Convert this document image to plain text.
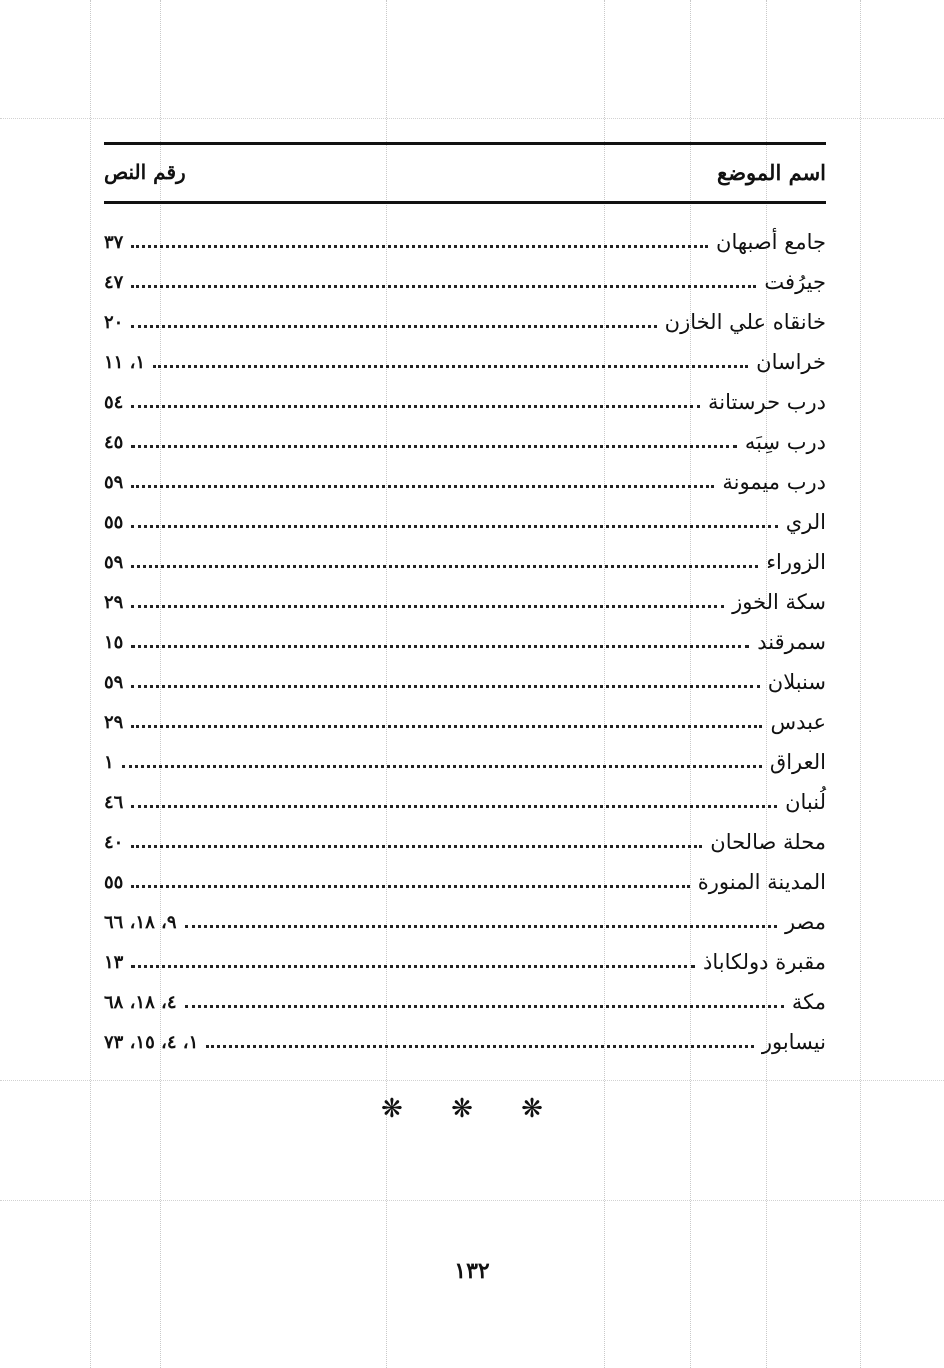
رقم النص	اسم الموضع
جامع أصبهان
٣٧
جيرُفت
٤٧
خانقاه علي الخازن
٢٠
خراسان
١، ١١
درب حرستانة
٥٤
درب سِبَه
٤٥
درب ميمونة
٥٩
الري
٥٥
الزوراء
٥٩
سكة الخوز
٢٩
سمرقند
١٥
سنبلان
٥٩
عبدس
٢٩
العراق
١
لُنبان
٤٦
محلة صالحان
٤٠
المدينة المنورة
٥٥
مصر
٩، ١٨، ٦٦
مقبرة دولكاباذ
١٣
مكة
٤، ١٨، ٦٨
نيسابور
١، ٤، ١٥، ٧٣
❋ ❋ ❋
١٣٢
